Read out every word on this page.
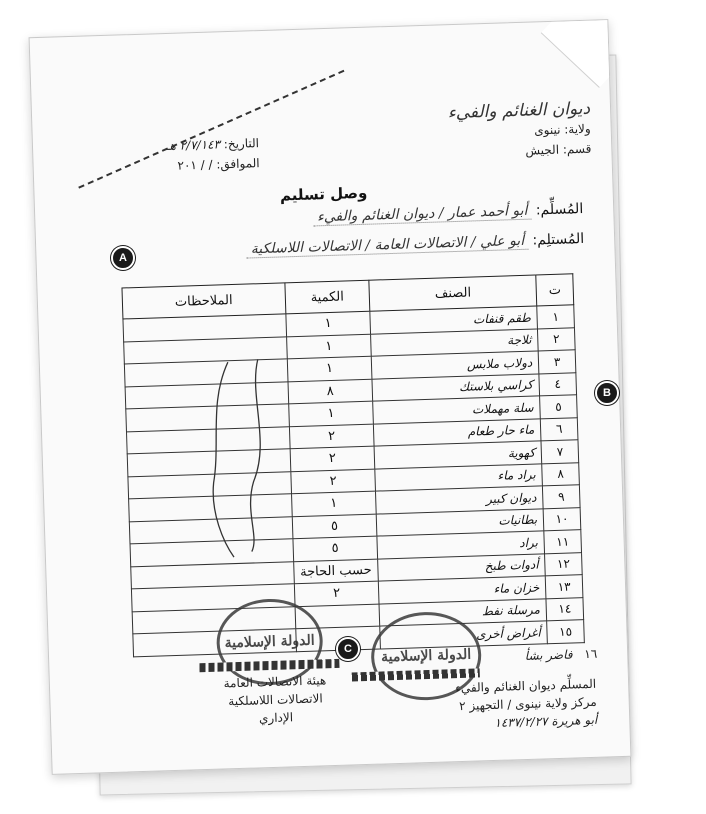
ديوان الغنائم والفيء
ولاية: نينوى
قسم: الجيش
التاريخ: ٢/٧/١٤٣ هـ
الموافق: / / ٢٠١
وصل تسليم
المُسلِّم: أبو أحمد عمار / ديوان الغنائم والفيء
المُستلِم: أبو علي / الاتصالات العامة / الاتصالات اللاسلكية
ت	الصنف	الكمية	الملاحظات
١	طقم قنفات	١	
٢	ثلاجة	١	
٣	دولاب ملابس	١	
٤	كراسي بلاستك	٨	
٥	سلة مهملات	١	
٦	ماء حار طعام	٢	
٧	كهوية	٢	
٨	براد ماء	٢	
٩	ديوان كبير	١	
١٠	بطانيات	٥	
١١	براد	٥	
١٢	أدوات طبخ	حسب الحاجة	
١٣	خزان ماء	٢	
١٤	مرسلة نفط		
١٥	أغراض أخرى		
١٦ فاضر بشأ
الدولة الإسلامية
الدولة الإسلامية
هيئة الاتصالات العامة
الاتصالات اللاسلكية
الإداري
المسلِّم ديوان الغنائم والفيء
مركز ولاية نينوى / التجهيز ٢
أبو هريرة ١٤٣٧/٢/٢٧
A
B
C
